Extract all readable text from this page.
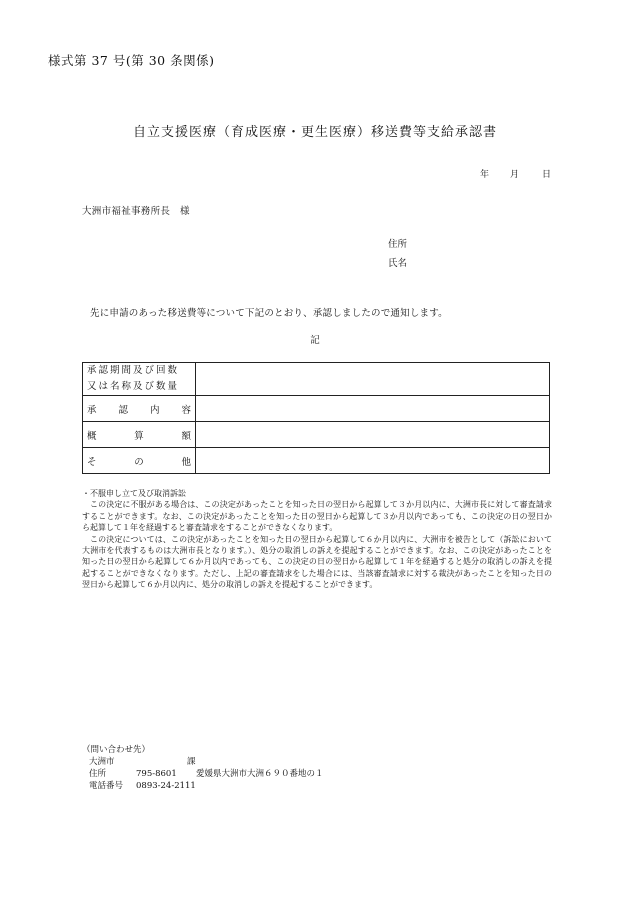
様式第 37 号(第 30 条関係)
自立支援医療（育成医療・更生医療）移送費等支給承認書
年 月	日
大洲市福祉事務所長　様
住所
氏名
先に申請のあった移送費等について下記のとおり、承認しましたので通知します。
記
承認期間及び回数
又は名称及び数量	

承 認 内 容	

概 算 額	

そ の 他	

・不服申し立て及び取消訴訟

この決定に不服がある場合は、この決定があったことを知った日の翌日から起算して３か月以内に、大洲市長に対して審査請求することができます。なお、この決定があったことを知った日の翌日から起算して３か月以内であっても、この決定の日の翌日から起算して１年を経過すると審査請求をすることができなくなります。

この決定については、この決定があったことを知った日の翌日から起算して６か月以内に、大洲市を被告として（訴訟において大洲市を代表するものは大洲市長となります。）、処分の取消しの訴えを提起することができます。なお、この決定があったことを知った日の翌日から起算して６か月以内であっても、この決定の日の翌日から起算して１年を経過すると処分の取消しの訴えを提起することができなくなります。ただし、上記の審査請求をした場合には、当該審査請求に対する裁決があったことを知った日の翌日から起算して６か月以内に、処分の取消しの訴えを提起することができます。

（問い合わせ先）
大洲市	課
住所	795-8601 愛媛県大洲市大洲６９０番地の１
電話番号 0893-24-2111
